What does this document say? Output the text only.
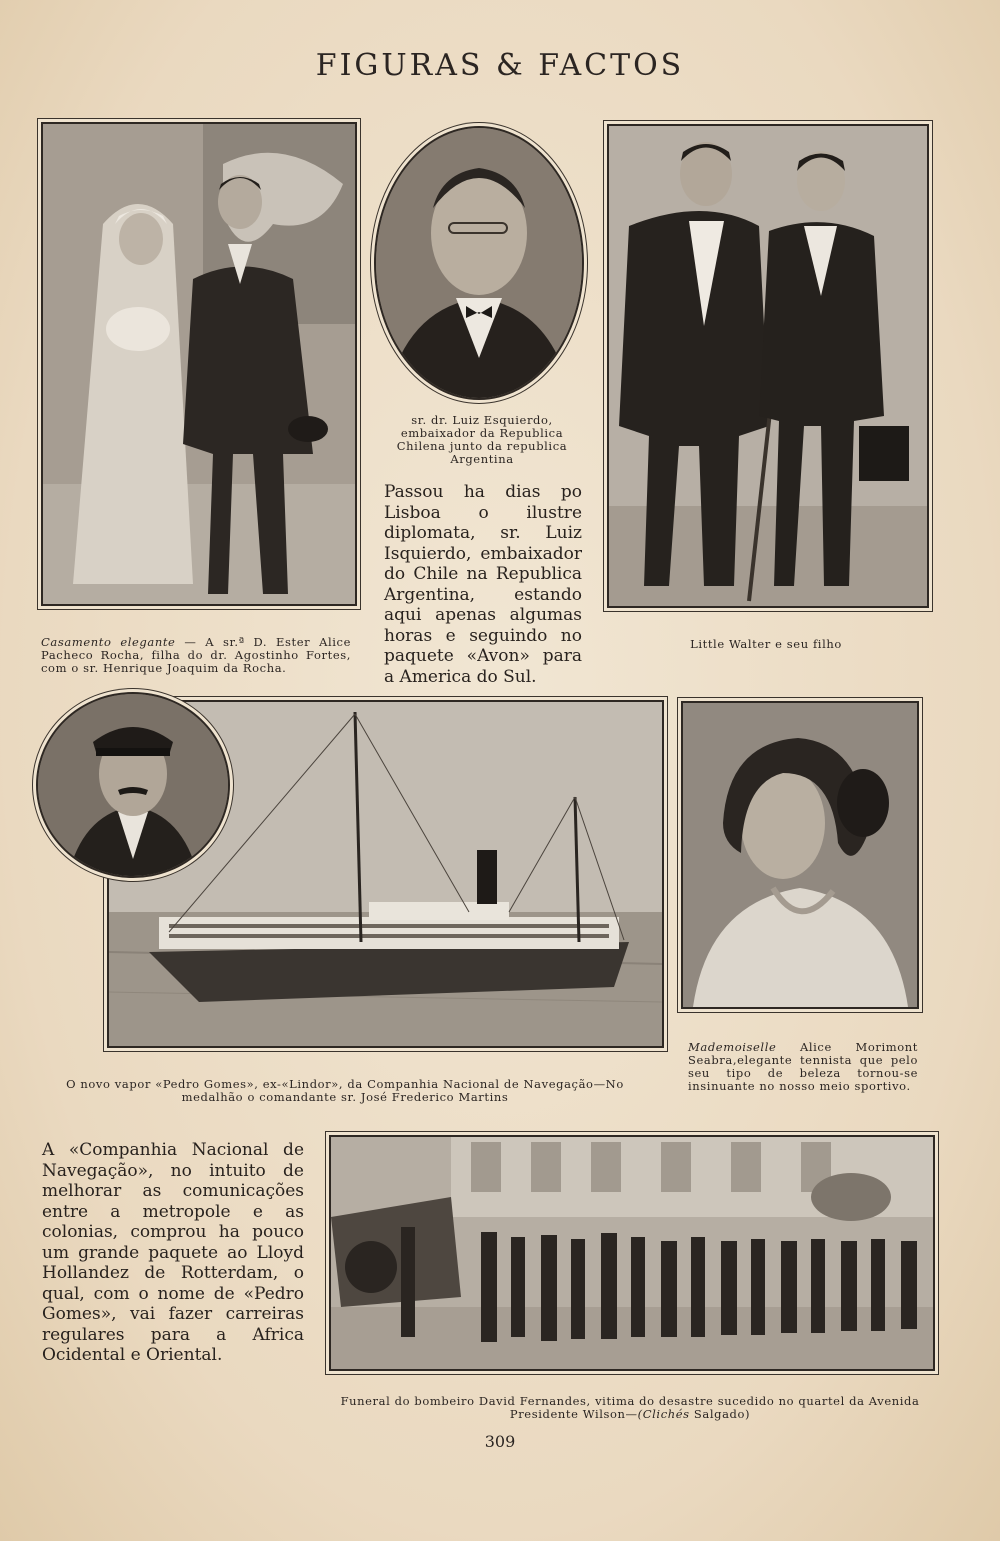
FIGURAS & FACTOS
Casamento elegante — A sr.ª D. Ester Alice Pacheco Rocha, filha do dr. Agostinho Fortes, com o sr. Henrique Joaquim da Rocha.
sr. dr. Luiz Esquierdo, embaixador da Republica Chilena junto da republica Argentina
Passou ha dias po Lisboa o ilustre diplomata, sr. Luiz Isquierdo, embaixador do Chile na Republica Argentina, estando aqui apenas algumas horas e seguindo no paquete «Avon» para a America do Sul.
Little Walter e seu filho
O novo vapor «Pedro Gomes», ex-«Lindor», da Companhia Nacional de Navegação—No medalhão o comandante sr. José Frederico Martins
Mademoiselle Alice Morimont Seabra,elegante tennista que pelo seu tipo de beleza tornou-se insinuante no nosso meio sportivo.
A «Companhia Nacional de Navegação», no intuito de melhorar as comunicações entre a metropole e as colonias, comprou ha pouco um grande paquete ao Lloyd Hollandez de Rotterdam, o qual, com o nome de «Pedro Gomes», vai fazer carreiras regulares para a Africa Ocidental e Oriental.
Funeral do bombeiro David Fernandes, vitima do desastre sucedido no quartel da Avenida Presidente Wilson—(Clichés Salgado)
309
